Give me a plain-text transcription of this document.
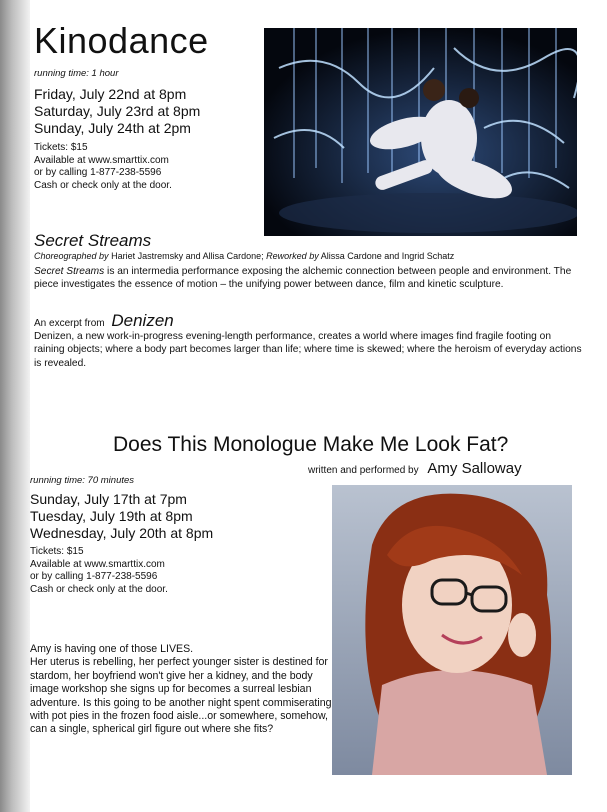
Kinodance
running time: 1 hour
Friday, July 22nd at 8pm
Saturday, July 23rd at 8pm
Sunday, July 24th at 2pm
Tickets: $15
Available at www.smarttix.com
or by calling 1-877-238-5596
Cash or check only at the door.
Secret Streams
Choreographed by Hariet Jastremsky and Allisa Cardone; Reworked by Alissa Cardone and Ingrid Schatz
Secret Streams is an intermedia performance exposing the alchemic connection between people and environment. The piece investigates the essence of motion – the unifying power between dance, film and kinetic sculpture.
An excerpt from Denizen
Denizen, a new work-in-progress evening-length performance, creates a world where images find fragile footing on raining objects; where a body part becomes larger than life; where time is skewed; where the heroism of everyday actions is revealed.
Does This Monologue Make Me Look Fat?
written and performed by Amy Salloway
running time: 70 minutes
Sunday, July 17th at 7pm
Tuesday, July 19th at 8pm
Wednesday, July 20th at 8pm
Tickets: $15
Available at www.smarttix.com
or by calling 1-877-238-5596
Cash or check only at the door.
Amy is having one of those LIVES.
Her uterus is rebelling, her perfect younger sister is destined for stardom, her boyfriend won't give her a kidney, and the body image workshop she signs up for becomes a surreal lesbian adventure. Is this going to be another night spent commiserating with pot pies in the frozen food aisle...or somewhere, somehow, can a single, spherical girl figure out where she fits?
